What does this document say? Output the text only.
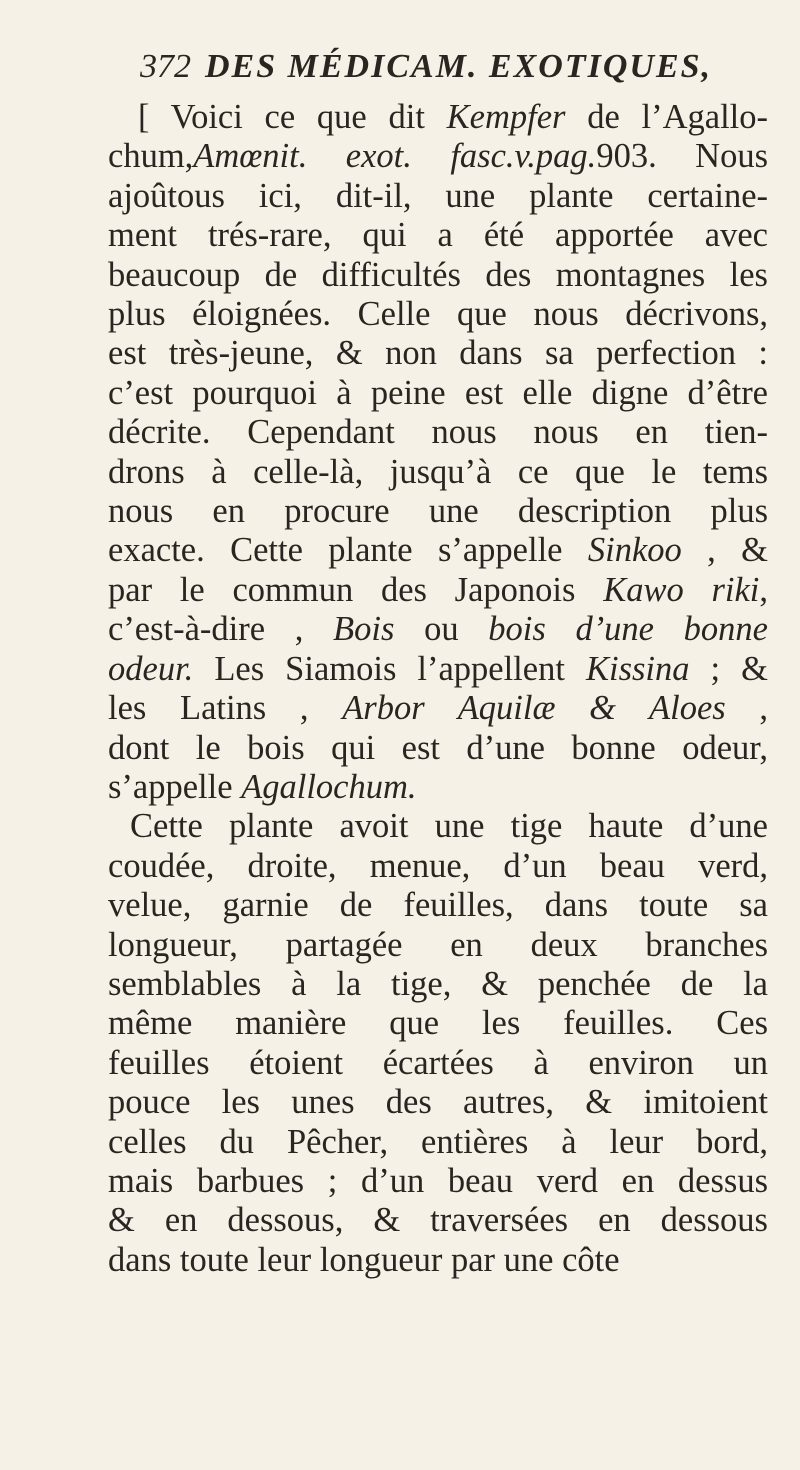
372 DES MÉDICAM. EXOTIQUES,
[ Voici ce que dit Kempfer de l’Agallo-
chum,Amœnit. exot. fasc.v.pag.903. Nous
ajoûtous ici, dit-il, une plante certaine-
ment trés-rare, qui a été apportée avec
beaucoup de difficultés des montagnes les
plus éloignées. Celle que nous décrivons,
est très-jeune, & non dans sa perfection :
c’est pourquoi à peine est elle digne d’être
décrite. Cependant nous nous en tien-
drons à celle-là, jusqu’à ce que le tems
nous en procure une description plus
exacte. Cette plante s’appelle Sinkoo , &
par le commun des Japonois Kawo riki,
c’est-à-dire , Bois ou bois d’une bonne
odeur. Les Siamois l’appellent Kissina ; &
les Latins , Arbor Aquilæ & Aloes ,
dont le bois qui est d’une bonne odeur,
s’appelle Agallochum.
Cette plante avoit une tige haute d’une
coudée, droite, menue, d’un beau verd,
velue, garnie de feuilles, dans toute sa
longueur, partagée en deux branches
semblables à la tige, & penchée de la
même manière que les feuilles. Ces
feuilles étoient écartées à environ un
pouce les unes des autres, & imitoient
celles du Pêcher, entières à leur bord,
mais barbues ; d’un beau verd en dessus
& en dessous, & traversées en dessous
dans toute leur longueur par une côte
